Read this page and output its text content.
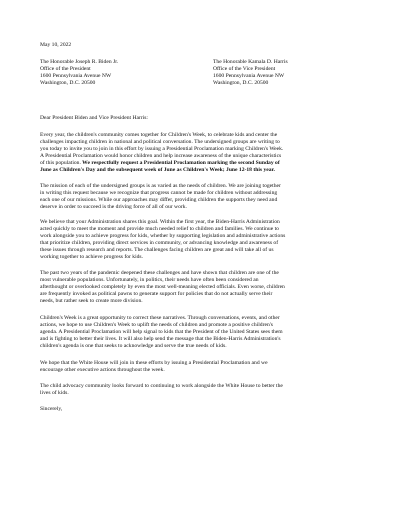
May 10, 2022
The Honorable Joseph R. Biden Jr.
Office of the President
1600 Pennsylvania Avenue NW
Washington, D.C. 20500
The Honorable Kamala D. Harris
Office of the Vice President
1600 Pennsylvania Avenue NW
Washington, D.C. 20500
Dear President Biden and Vice President Harris:
Every year, the children's community comes together for Children's Week, to celebrate kids and center the
challenges impacting children in national and political conversation. The undersigned groups are writing to
you today to invite you to join in this effort by issuing a Presidential Proclamation marking Children's Week.
A Presidential Proclamation would honor children and help increase awareness of the unique characteristics
of this population. We respectfully request a Presidential Proclamation marking the second Sunday of
June as Children's Day and the subsequent week of June as Children's Week; June 12-18 this year.
The mission of each of the undersigned groups is as varied as the needs of children. We are joining together
in writing this request because we recognize that progress cannot be made for children without addressing
each one of our missions. While our approaches may differ, providing children the supports they need and
deserve in order to succeed is the driving force of all of our work.
We believe that your Administration shares this goal. Within the first year, the Biden-Harris Administration
acted quickly to meet the moment and provide much needed relief to children and families. We continue to
work alongside you to achieve progress for kids, whether by supporting legislation and administrative actions
that prioritize children, providing direct services in community, or advancing knowledge and awareness of
these issues through research and reports. The challenges facing children are great and will take all of us
working together to achieve progress for kids.
The past two years of the pandemic deepened these challenges and have shown that children are one of the
most vulnerable populations. Unfortunately, in politics, their needs have often been considered an
afterthought or overlooked completely by even the most well-meaning elected officials. Even worse, children
are frequently invoked as political pawns to generate support for policies that do not actually serve their
needs, but rather seek to create more division.
Children's Week is a great opportunity to correct these narratives. Through conversations, events, and other
actions, we hope to use Children's Week to uplift the needs of children and promote a positive children's
agenda. A Presidential Proclamation will help signal to kids that the President of the United States sees them
and is fighting to better their lives. It will also help send the message that the Biden-Harris Administration's
children's agenda is one that seeks to acknowledge and serve the true needs of kids.
We hope that the White House will join in these efforts by issuing a Presidential Proclamation and we
encourage other executive actions throughout the week.
The child advocacy community looks forward to continuing to work alongside the White House to better the
lives of kids.
Sincerely,
